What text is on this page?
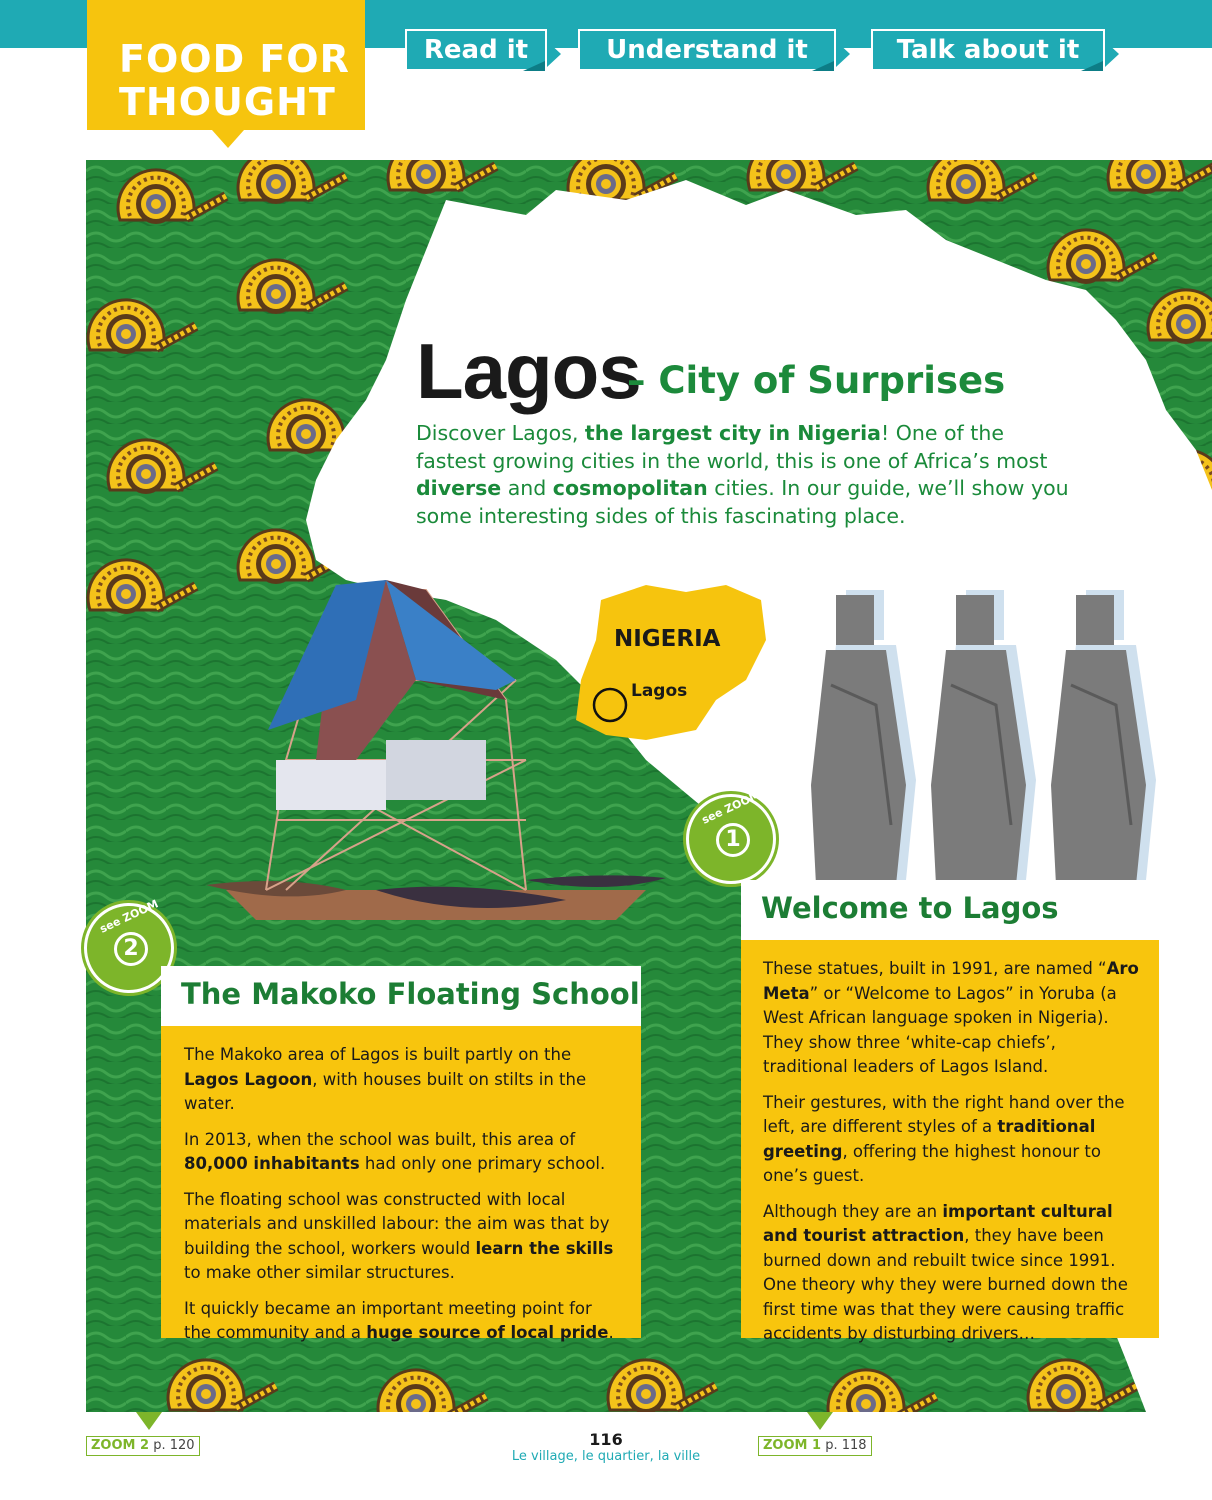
FOOD FOR
THOUGHT
Read it	Understand it	Talk about it
Lagos
– City of Surprises
Discover Lagos, the largest city in Nigeria! One of the fastest growing cities in the world, this is one of Africa’s most diverse and cosmopolitan cities. In our guide, we’ll show you some interesting sides of this fascinating place.
NIGERIA
Lagos
see ZOOM
1
see ZOOM
2
The Makoko Floating School

The Makoko area of Lagos is built partly on the Lagos Lagoon, with houses built on stilts in the water.

In 2013, when the school was built, this area of 80,000 inhabitants had only one primary school.

The floating school was constructed with local materials and unskilled labour: the aim was that by building the school, workers would learn the skills to make other similar structures.

It quickly became an important meeting point for the community and a huge source of local pride.

Welcome to Lagos

These statues, built in 1991, are named “Aro Meta” or “Welcome to Lagos” in Yoruba (a West African language spoken in Nigeria). They show three ‘white-cap chiefs’, traditional leaders of Lagos Island.

Their gestures, with the right hand over the left, are different styles of a traditional greeting, offering the highest honour to one’s guest.

Although they are an important cultural and tourist attraction, they have been burned down and rebuilt twice since 1991. One theory why they were burned down the first time was that they were causing traffic accidents by disturbing drivers…

ZOOM 2 p. 120	ZOOM 1 p. 118
116
Le village, le quartier, la ville
